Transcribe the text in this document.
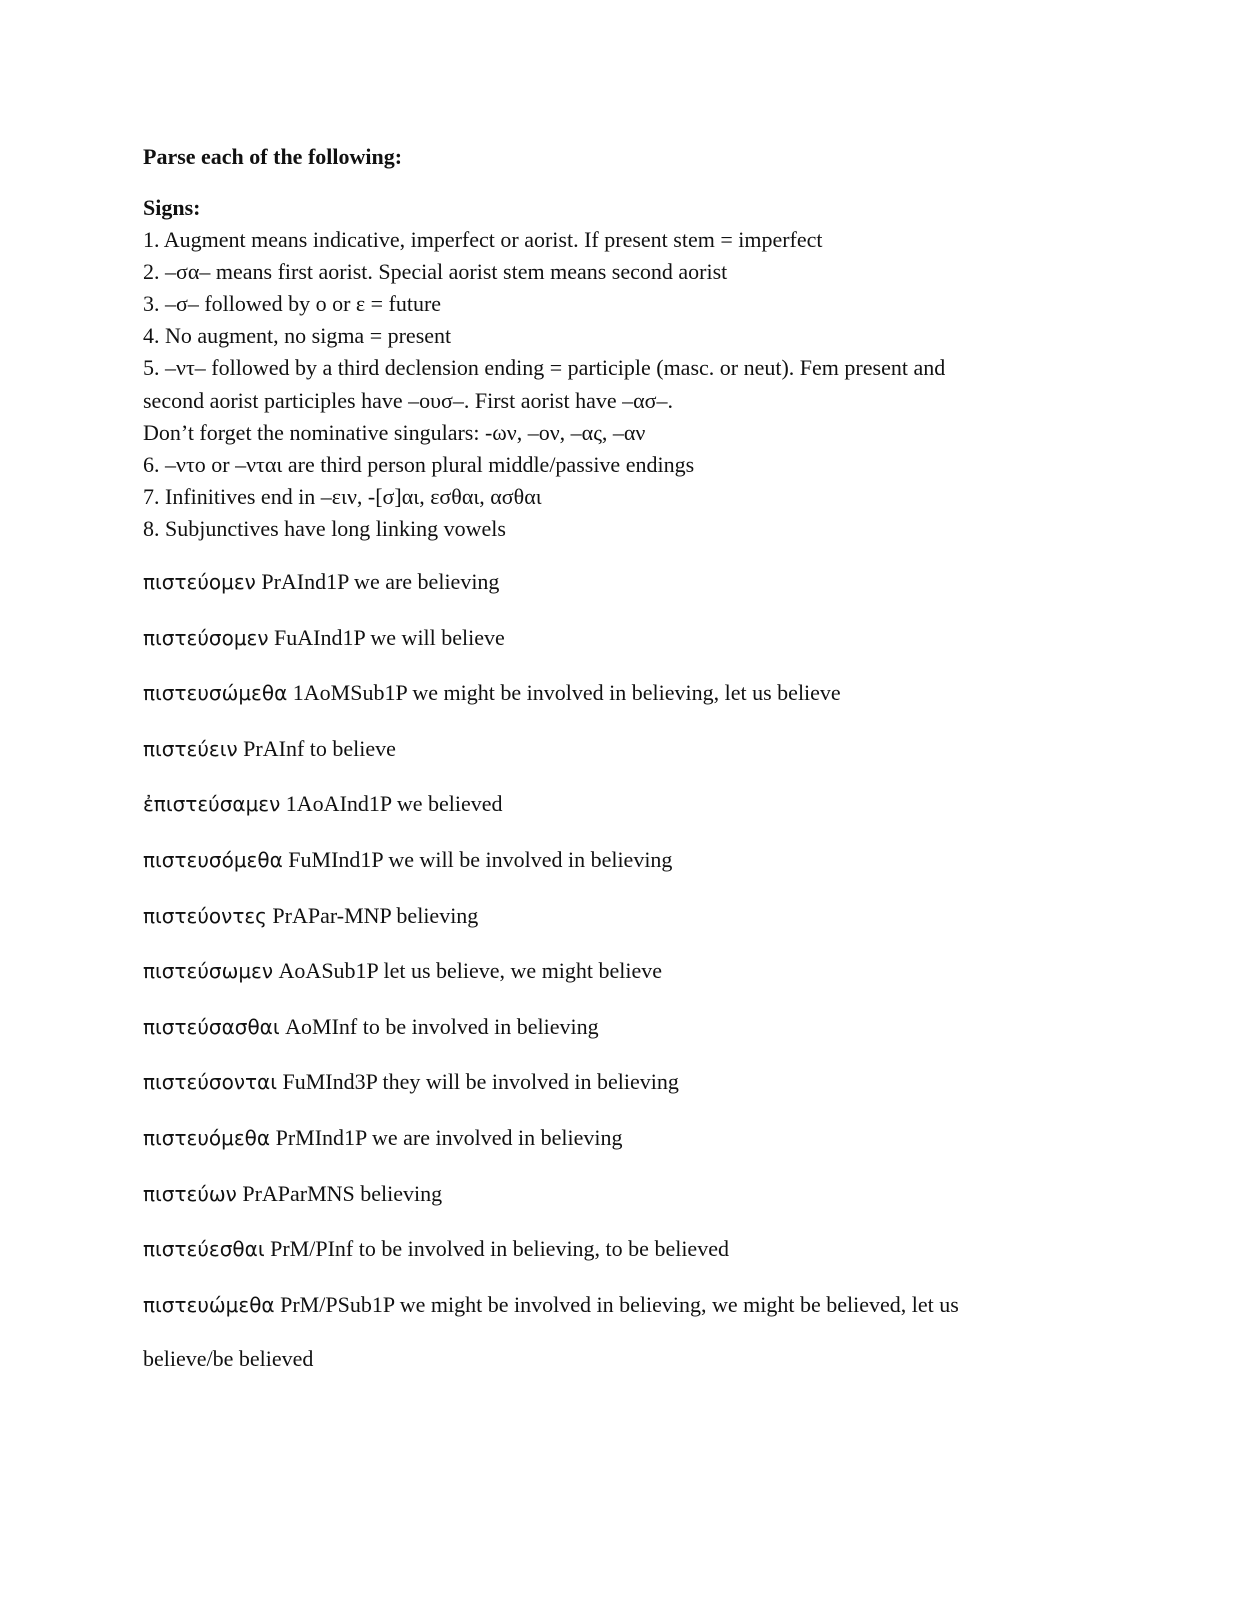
Parse each of the following:
Signs:
1. Augment means indicative, imperfect or aorist. If present stem = imperfect
2. –σα– means first aorist. Special aorist stem means second aorist
3. –σ– followed by ο or ε = future
4. No augment, no sigma = present
5. –ντ– followed by a third declension ending = participle (masc. or neut). Fem present and
second aorist participles have –ουσ–. First aorist have –ασ–.
Don’t forget the nominative singulars: -ων, –ον, –ας, –αν
6. –ντο or –νται are third person plural middle/passive endings
7. Infinitives end in –ειν, -[σ]αι, εσθαι, ασθαι
8. Subjunctives have long linking vowels
πιστεύομεν PrAInd1P we are believing
πιστεύσομεν FuAInd1P we will believe
πιστευσώμεθα 1AoMSub1P we might be involved in believing, let us believe
πιστεύειν PrAInf to believe
ἐπιστεύσαμεν 1AoAInd1P we believed
πιστευσόμεθα FuMInd1P we will be involved in believing
πιστεύοντες PrAPar-MNP believing
πιστεύσωμεν AoASub1P let us believe, we might believe
πιστεύσασθαι AoMInf to be involved in believing
πιστεύσονται FuMInd3P they will be involved in believing
πιστευόμεθα PrMInd1P we are involved in believing
πιστεύων PrAParMNS believing
πιστεύεσθαι PrM/PInf to be involved in believing, to be believed
πιστευώμεθα PrM/PSub1P we might be involved in believing, we might be believed, let us
believe/be believed
